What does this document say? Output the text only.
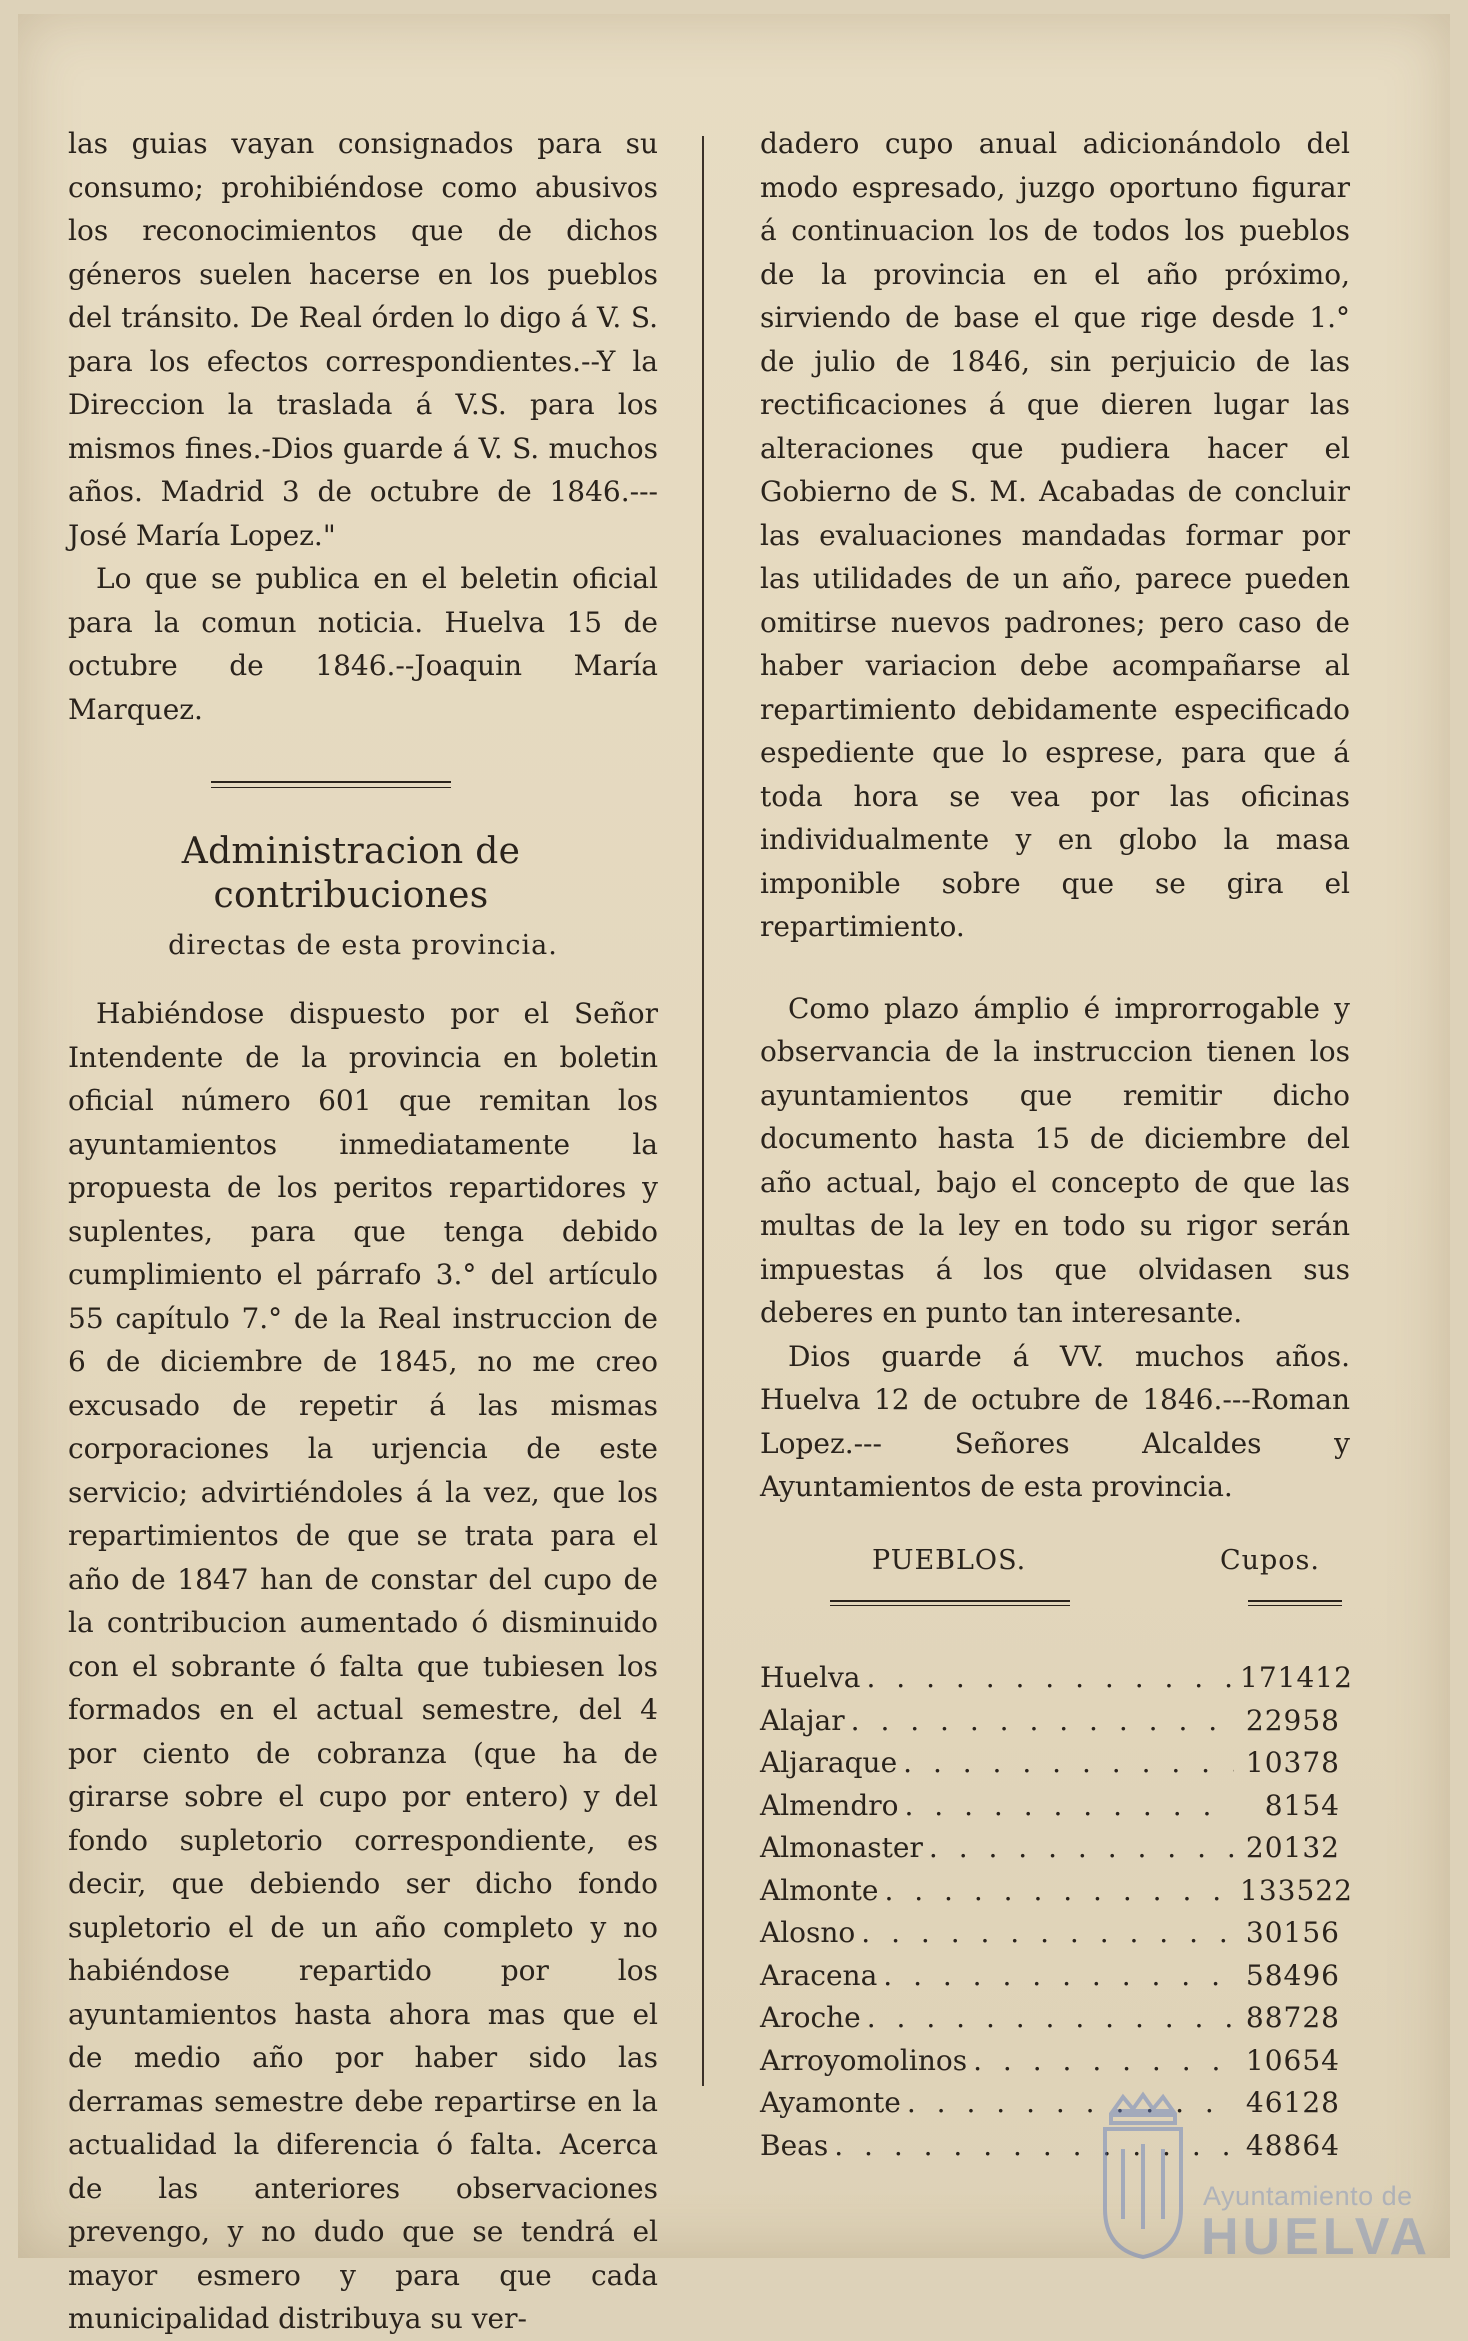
las guias vayan consignados para su consumo; prohibiéndose como abusivos los reconocimientos que de dichos géneros suelen hacerse en los pueblos del tránsito. De Real órden lo digo á V. S. para los efectos correspondientes.--Y la Direccion la traslada á V.S. para los mismos fines.-Dios guarde á V. S. muchos años. Madrid 3 de octubre de 1846.---José María Lopez."

Lo que se publica en el beletin oficial para la comun noticia. Huelva 15 de octubre de 1846.--Joaquin María Marquez.

Administracion de contribuciones
directas de esta provincia.

Habiéndose dispuesto por el Señor Intendente de la provincia en boletin oficial número 601 que remitan los ayuntamientos inmediatamente la propuesta de los peritos repartidores y suplentes, para que tenga debido cumplimiento el párrafo 3.° del artículo 55 capítulo 7.° de la Real instruccion de 6 de diciembre de 1845, no me creo excusado de repetir á las mismas corporaciones la urjencia de este servicio; advirtiéndoles á la vez, que los repartimientos de que se trata para el año de 1847 han de constar del cupo de la contribucion aumentado ó disminuido con el sobrante ó falta que tubiesen los formados en el actual semestre, del 4 por ciento de cobranza (que ha de girarse sobre el cupo por entero) y del fondo supletorio correspondiente, es decir, que debiendo ser dicho fondo supletorio el de un año completo y no habiéndose repartido por los ayuntamientos hasta ahora mas que el de medio año por haber sido las derramas semestre debe repartirse en la actualidad la diferencia ó falta. Acerca de las anteriores observaciones prevengo, y no dudo que se tendrá el mayor esmero y para que cada municipalidad distribuya su ver-

dadero cupo anual adicionándolo del modo espresado, juzgo oportuno figurar á continuacion los de todos los pueblos de la provincia en el año próximo, sirviendo de base el que rige desde 1.° de julio de 1846, sin perjuicio de las rectificaciones á que dieren lugar las alteraciones que pudiera hacer el Gobierno de S. M. Acabadas de concluir las evaluaciones mandadas formar por las utilidades de un año, parece pueden omitirse nuevos padrones; pero caso de haber variacion debe acompañarse al repartimiento debidamente especificado espediente que lo esprese, para que á toda hora se vea por las oficinas individualmente y en globo la masa imponible sobre que se gira el repartimiento.

Como plazo ámplio é improrrogable y observancia de la instruccion tienen los ayuntamientos que remitir dicho documento hasta 15 de diciembre del año actual, bajo el concepto de que las multas de la ley en todo su rigor serán impuestas á los que olvidasen sus deberes en punto tan interesante.

Dios guarde á VV. muchos años. Huelva 12 de octubre de 1846.---Roman Lopez.--- Señores Alcaldes y Ayuntamientos de esta provincia.

PUEBLOS.	Cupos.
Huelva . . .	171412
Alajar . . .	22958
Aljaraque . . .	10378
Almendro . . .	8154
Almonaster . . .	20132
Almonte . . .	133522
Alosno . . .	30156
Aracena . . .	58496
Aroche . . .	88728
Arroyomolinos . . .	10654
Ayamonte . . .	46128
Beas . . .	48864
Ayuntamiento de
HUELVA
